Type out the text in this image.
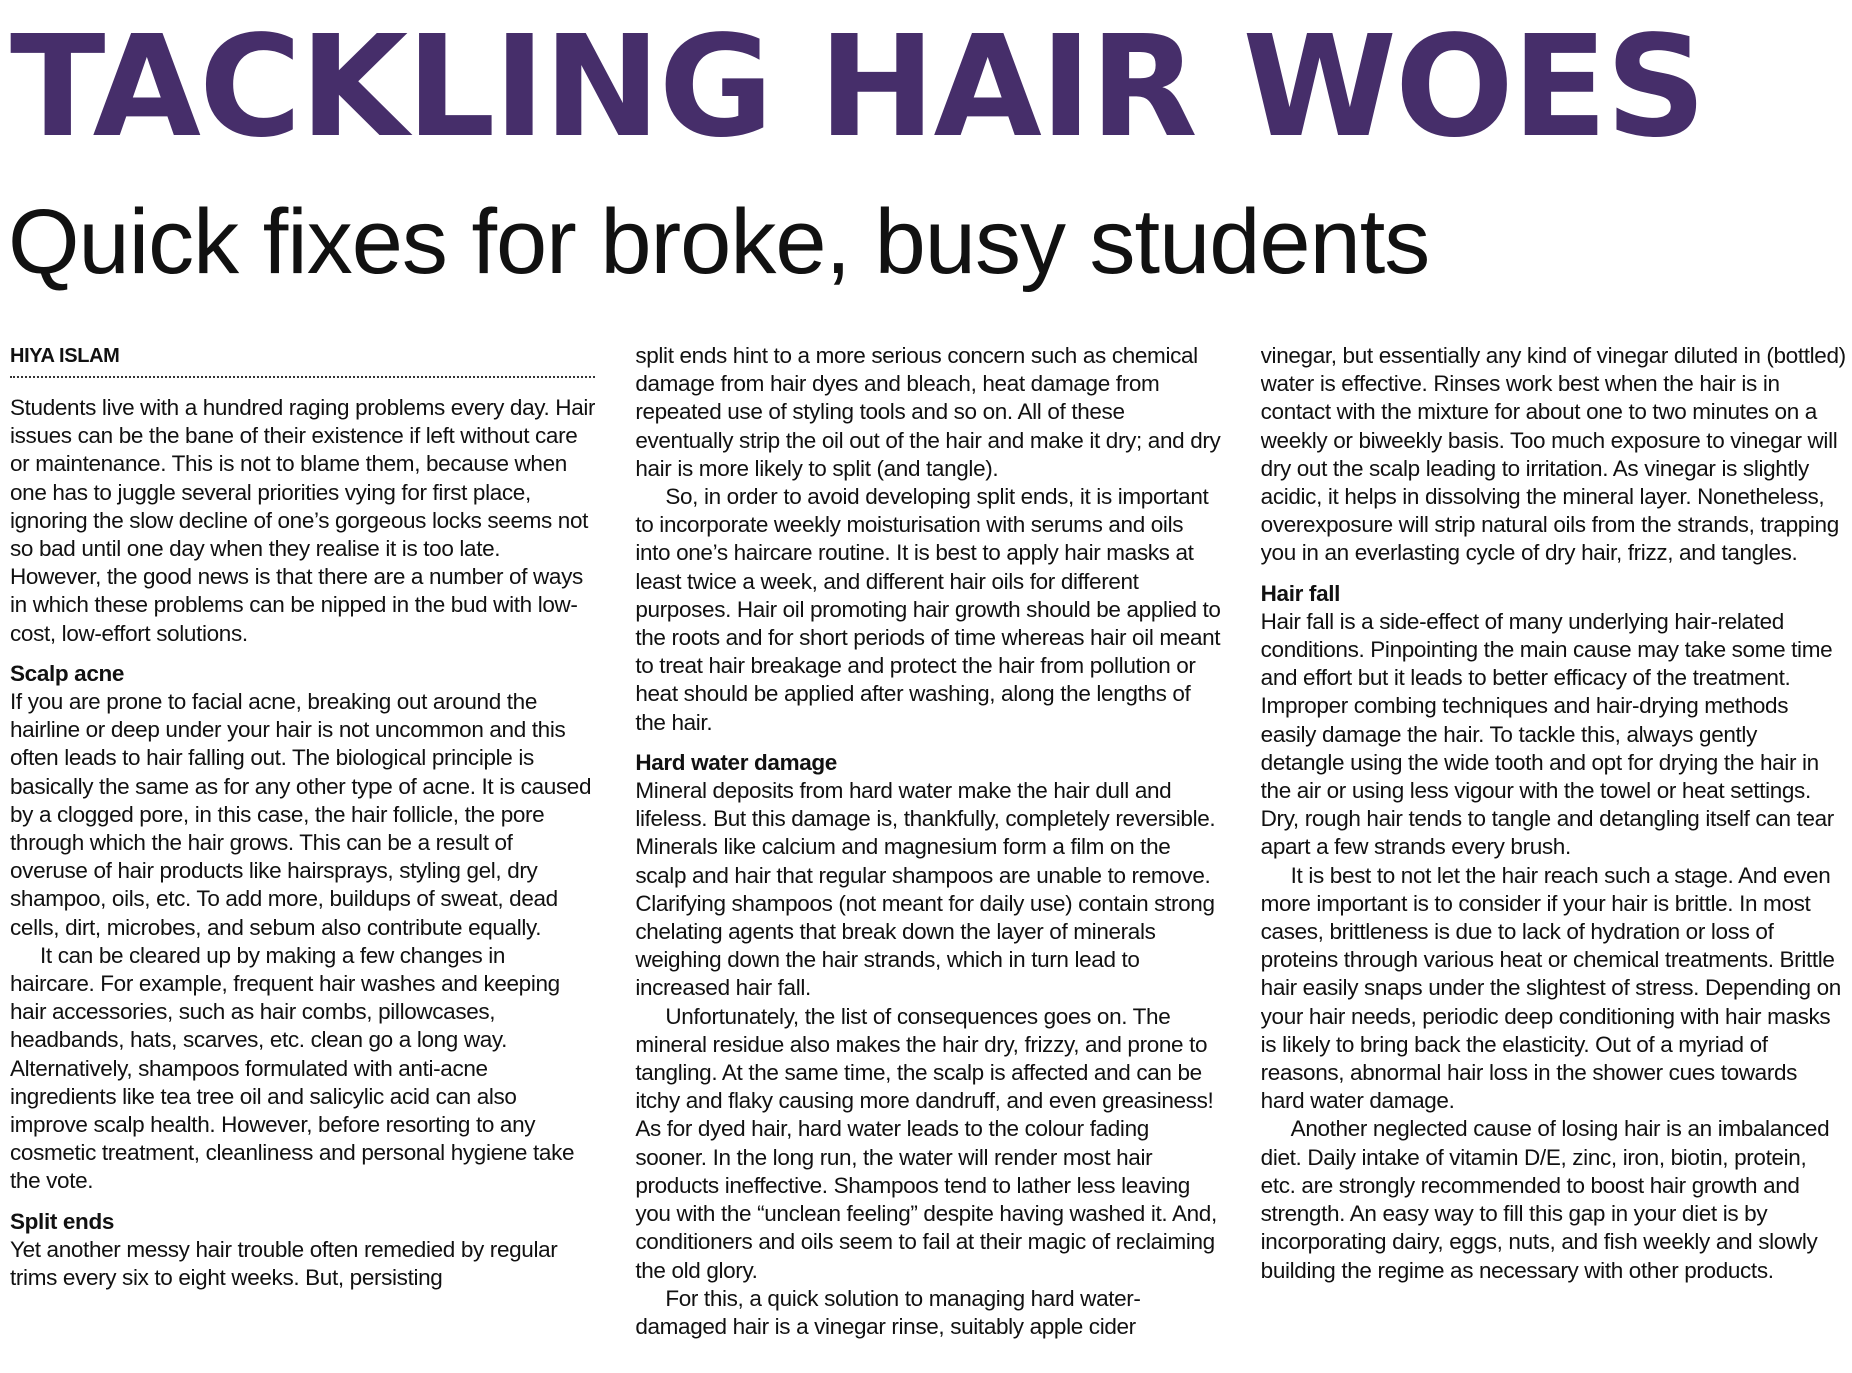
TACKLING HAIR WOES
Quick fixes for broke, busy students
HIYA ISLAM

Students live with a hundred raging problems every day. Hair issues can be the bane of their existence if left without care or maintenance. This is not to blame them, because when one has to juggle several priorities vying for first place, ignoring the slow decline of one’s gorgeous locks seems not so bad until one day when they realise it is too late. However, the good news is that there are a number of ways in which these problems can be nipped in the bud with low-cost, low-effort solutions.

Scalp acne

If you are prone to facial acne, breaking out around the hairline or deep under your hair is not uncommon and this often leads to hair falling out. The biological principle is basically the same as for any other type of acne. It is caused by a clogged pore, in this case, the hair follicle, the pore through which the hair grows. This can be a result of overuse of hair products like hairsprays, styling gel, dry shampoo, oils, etc. To add more, buildups of sweat, dead cells, dirt, microbes, and sebum also contribute equally.

It can be cleared up by making a few changes in haircare. For example, frequent hair washes and keeping hair accessories, such as hair combs, pillowcases, headbands, hats, scarves, etc. clean go a long way. Alternatively, shampoos formulated with anti-acne ingredients like tea tree oil and salicylic acid can also improve scalp health. However, before resorting to any cosmetic treatment, cleanliness and personal hygiene take the vote.

Split ends

Yet another messy hair trouble often remedied by regular trims every six to eight weeks. But, persisting

split ends hint to a more serious concern such as chemical damage from hair dyes and bleach, heat damage from repeated use of styling tools and so on. All of these eventually strip the oil out of the hair and make it dry; and dry hair is more likely to split (and tangle).

So, in order to avoid developing split ends, it is important to incorporate weekly moisturisation with serums and oils into one’s haircare routine. It is best to apply hair masks at least twice a week, and different hair oils for different purposes. Hair oil promoting hair growth should be applied to the roots and for short periods of time whereas hair oil meant to treat hair breakage and protect the hair from pollution or heat should be applied after washing, along the lengths of the hair.

Hard water damage

Mineral deposits from hard water make the hair dull and lifeless. But this damage is, thankfully, completely reversible. Minerals like calcium and magnesium form a film on the scalp and hair that regular shampoos are unable to remove. Clarifying shampoos (not meant for daily use) contain strong chelating agents that break down the layer of minerals weighing down the hair strands, which in turn lead to increased hair fall.

Unfortunately, the list of consequences goes on. The mineral residue also makes the hair dry, frizzy, and prone to tangling. At the same time, the scalp is affected and can be itchy and flaky causing more dandruff, and even greasiness! As for dyed hair, hard water leads to the colour fading sooner. In the long run, the water will render most hair products ineffective. Shampoos tend to lather less leaving you with the “unclean feeling” despite having washed it. And, conditioners and oils seem to fail at their magic of reclaiming the old glory.

For this, a quick solution to managing hard water-damaged hair is a vinegar rinse, suitably apple cider

vinegar, but essentially any kind of vinegar diluted in (bottled) water is effective. Rinses work best when the hair is in contact with the mixture for about one to two minutes on a weekly or biweekly basis. Too much exposure to vinegar will dry out the scalp leading to irritation. As vinegar is slightly acidic, it helps in dissolving the mineral layer. Nonetheless, overexposure will strip natural oils from the strands, trapping you in an everlasting cycle of dry hair, frizz, and tangles.

Hair fall

Hair fall is a side-effect of many underlying hair-related conditions. Pinpointing the main cause may take some time and effort but it leads to better efficacy of the treatment. Improper combing techniques and hair-drying methods easily damage the hair. To tackle this, always gently detangle using the wide tooth and opt for drying the hair in the air or using less vigour with the towel or heat settings. Dry, rough hair tends to tangle and detangling itself can tear apart a few strands every brush.

It is best to not let the hair reach such a stage. And even more important is to consider if your hair is brittle. In most cases, brittleness is due to lack of hydration or loss of proteins through various heat or chemical treatments. Brittle hair easily snaps under the slightest of stress. Depending on your hair needs, periodic deep conditioning with hair masks is likely to bring back the elasticity. Out of a myriad of reasons, abnormal hair loss in the shower cues towards hard water damage.

Another neglected cause of losing hair is an imbalanced diet. Daily intake of vitamin D/E, zinc, iron, biotin, protein, etc. are strongly recommended to boost hair growth and strength. An easy way to fill this gap in your diet is by incorporating dairy, eggs, nuts, and fish weekly and slowly building the regime as necessary with other products.
